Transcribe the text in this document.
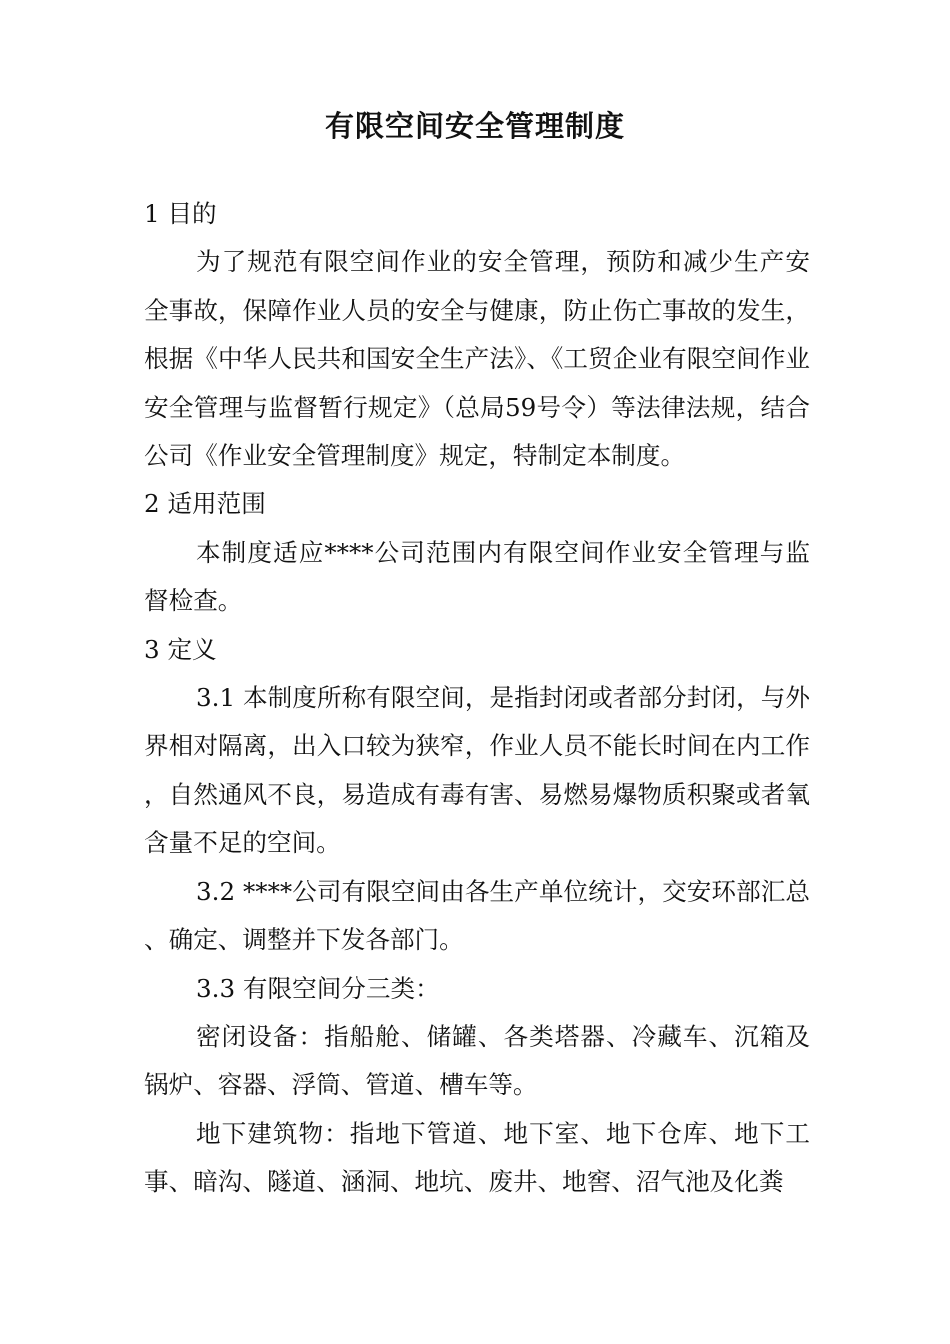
有限空间安全管理制度

1 目的

为了规范有限空间作业的安全管理，预防和减少生产安全事故，保障作业人员的安全与健康，防止伤亡事故的发生，根据《中华人民共和国安全生产法》、《工贸企业有限空间作业安全管理与监督暂行规定》（总局59号令）等法律法规，结合公司《作业安全管理制度》规定，特制定本制度。

2 适用范围

本制度适应****公司范围内有限空间作业安全管理与监督检查。

3 定义

3.1 本制度所称有限空间，是指封闭或者部分封闭，与外界相对隔离，出入口较为狭窄，作业人员不能长时间在内工作，自然通风不良，易造成有毒有害、易燃易爆物质积聚或者氧含量不足的空间。

3.2 ****公司有限空间由各生产单位统计，交安环部汇总、确定、调整并下发各部门。

3.3 有限空间分三类：

密闭设备：指船舱、储罐、各类塔器、冷藏车、沉箱及锅炉、容器、浮筒、管道、槽车等。

地下建筑物：指地下管道、地下室、地下仓库、地下工事、暗沟、隧道、涵洞、地坑、废井、地窖、沼气池及化粪
